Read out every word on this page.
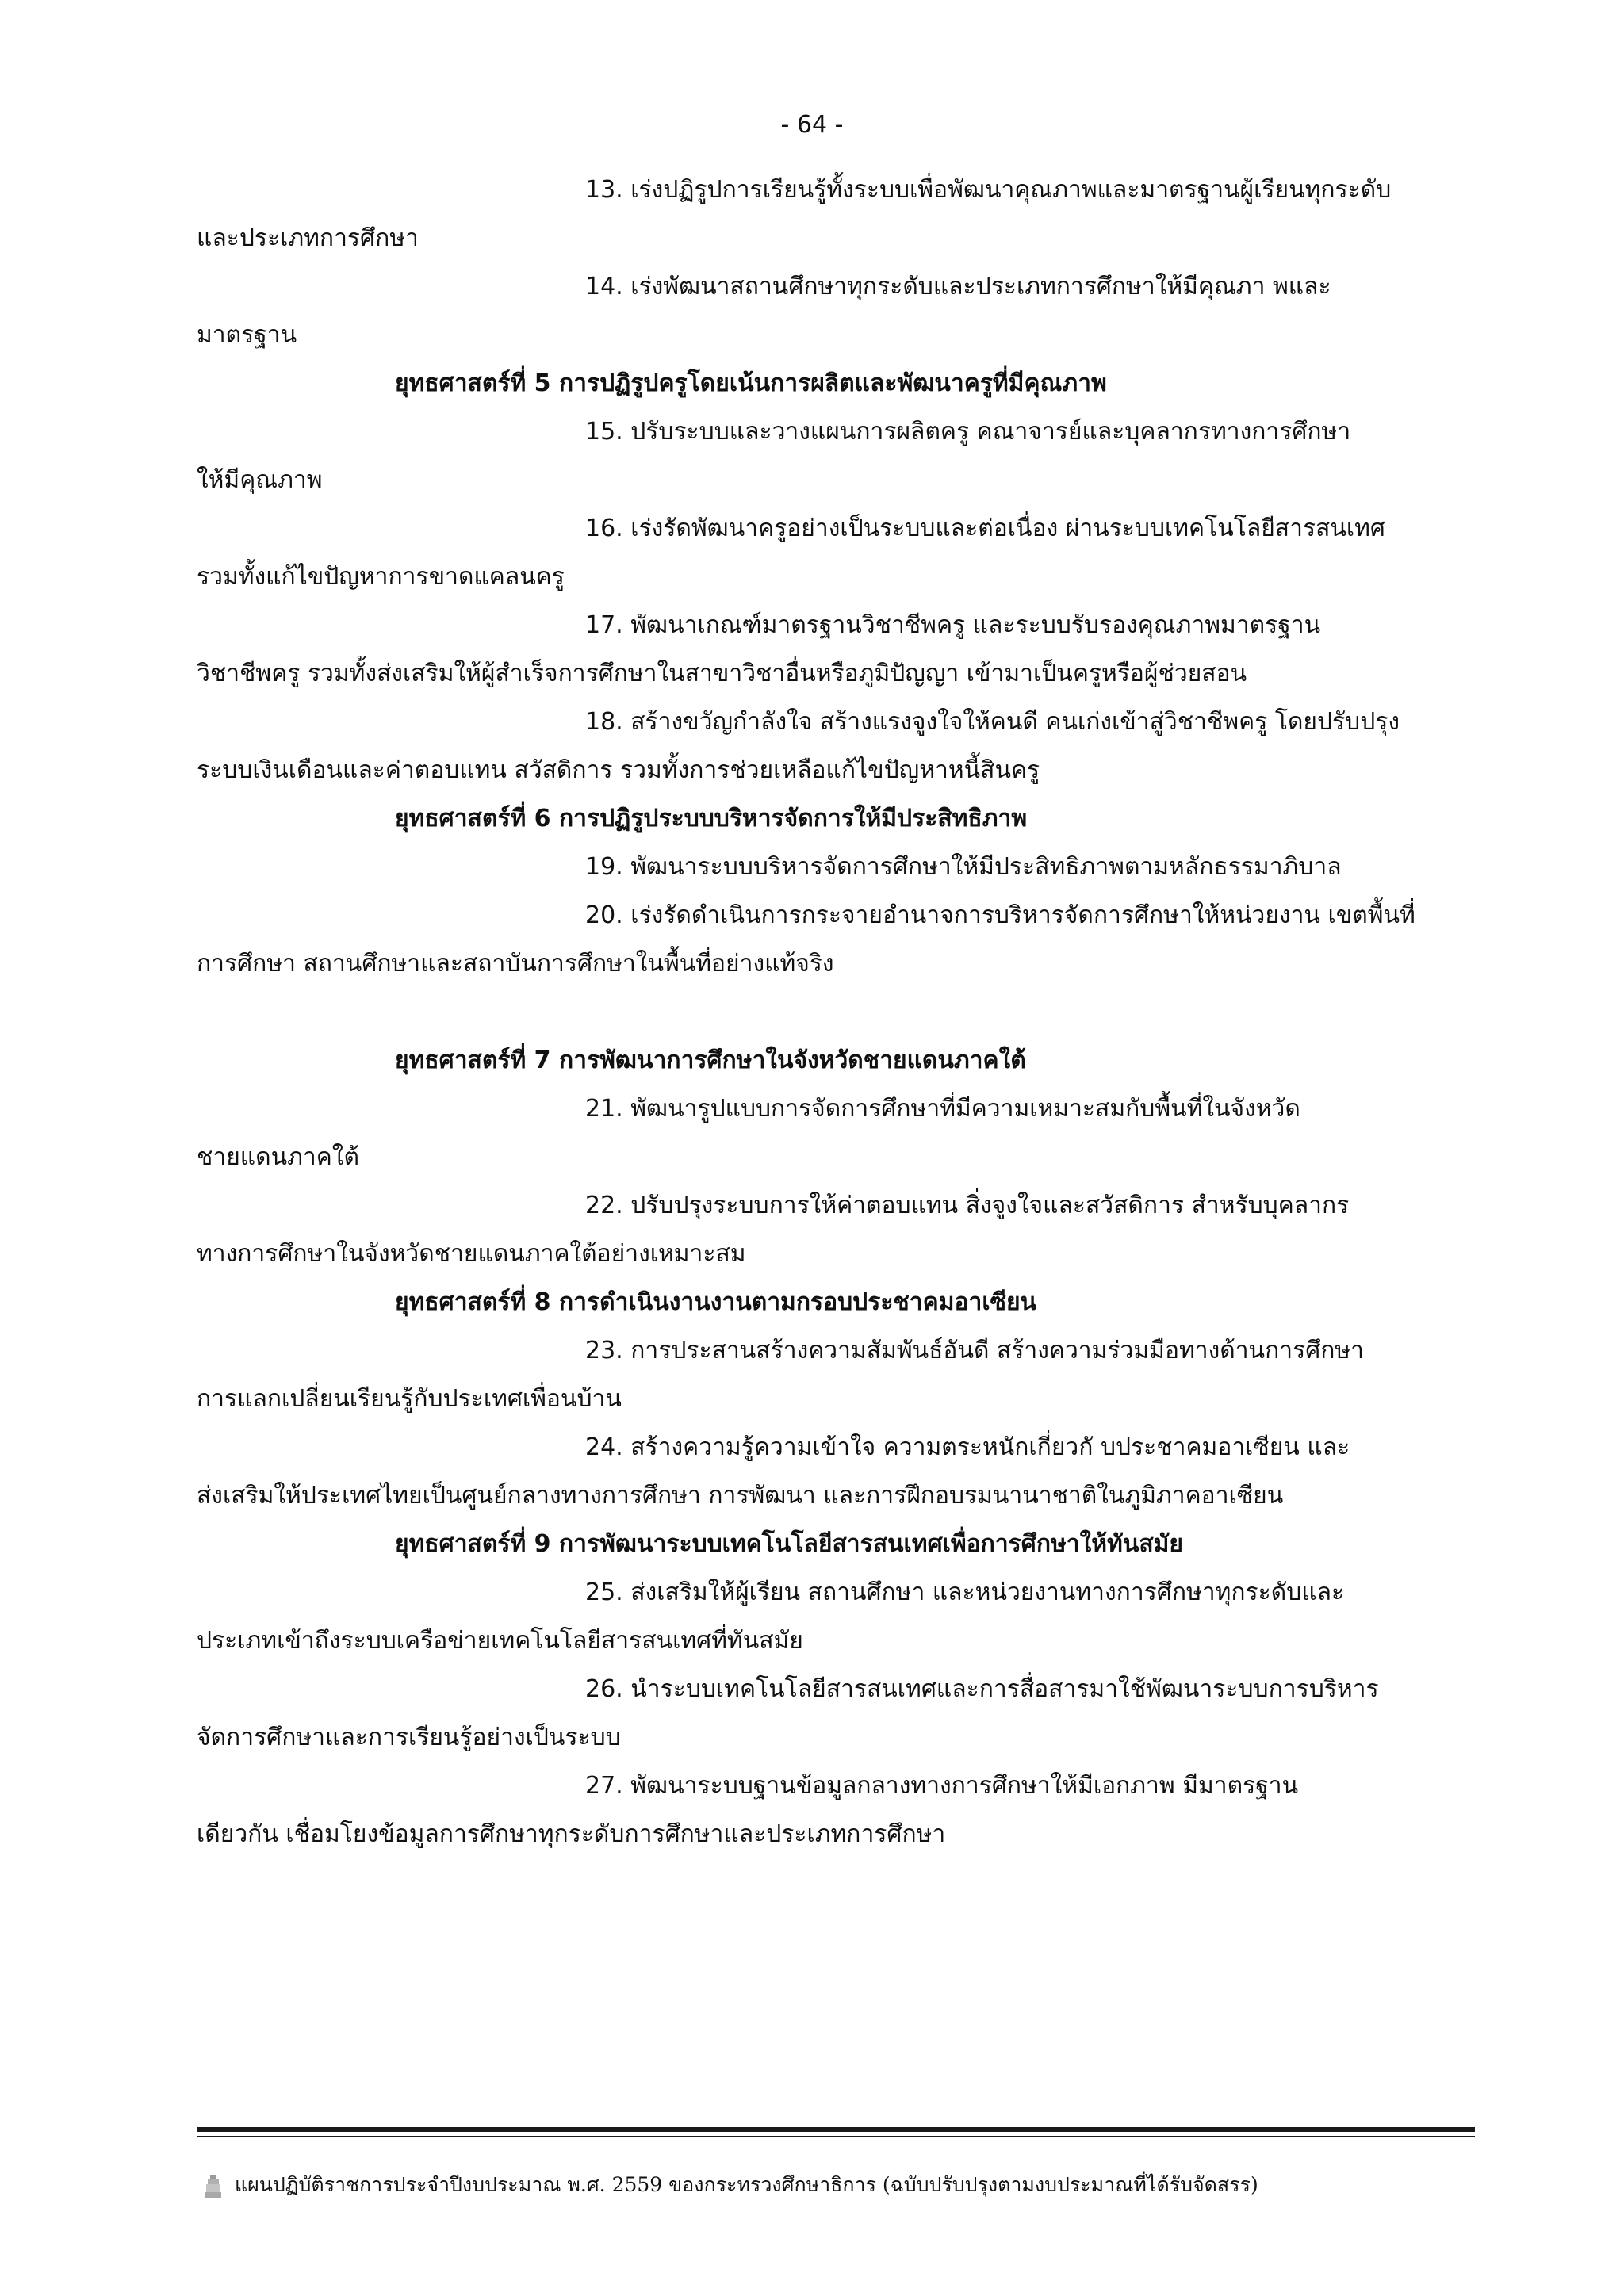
- 64 -
13. เร่งปฏิรูปการเรียนรู้ทั้งระบบเพื่อพัฒนาคุณภาพและมาตรฐานผู้เรียนทุกระดับ
และประเภทการศึกษา
14. เร่งพัฒนาสถานศึกษาทุกระดับและประเภทการศึกษาให้มีคุณภา พและ
มาตรฐาน
ยุทธศาสตร์ที่ 5 การปฏิรูปครูโดยเน้นการผลิตและพัฒนาครูที่มีคุณภาพ
15. ปรับระบบและวางแผนการผลิตครู คณาจารย์และบุคลากรทางการศึกษา
ให้มีคุณภาพ
16. เร่งรัดพัฒนาครูอย่างเป็นระบบและต่อเนื่อง ผ่านระบบเทคโนโลยีสารสนเทศ
รวมทั้งแก้ไขปัญหาการขาดแคลนครู
17. พัฒนาเกณฑ์มาตรฐานวิชาชีพครู และระบบรับรองคุณภาพมาตรฐาน
วิชาชีพครู รวมทั้งส่งเสริมให้ผู้สำเร็จการศึกษาในสาขาวิชาอื่นหรือภูมิปัญญา เข้ามาเป็นครูหรือผู้ช่วยสอน
18. สร้างขวัญกำลังใจ สร้างแรงจูงใจให้คนดี คนเก่งเข้าสู่วิชาชีพครู โดยปรับปรุง
ระบบเงินเดือนและค่าตอบแทน สวัสดิการ รวมทั้งการช่วยเหลือแก้ไขปัญหาหนี้สินครู
ยุทธศาสตร์ที่ 6 การปฏิรูประบบบริหารจัดการให้มีประสิทธิภาพ
19. พัฒนาระบบบริหารจัดการศึกษาให้มีประสิทธิภาพตามหลักธรรมาภิบาล
20. เร่งรัดดำเนินการกระจายอำนาจการบริหารจัดการศึกษาให้หน่วยงาน เขตพื้นที่
การศึกษา สถานศึกษาและสถาบันการศึกษาในพื้นที่อย่างแท้จริง
ยุทธศาสตร์ที่ 7 การพัฒนาการศึกษาในจังหวัดชายแดนภาคใต้
21. พัฒนารูปแบบการจัดการศึกษาที่มีความเหมาะสมกับพื้นที่ในจังหวัด
ชายแดนภาคใต้
22. ปรับปรุงระบบการให้ค่าตอบแทน สิ่งจูงใจและสวัสดิการ สำหรับบุคลากร
ทางการศึกษาในจังหวัดชายแดนภาคใต้อย่างเหมาะสม
ยุทธศาสตร์ที่ 8 การดำเนินงานงานตามกรอบประชาคมอาเซียน
23. การประสานสร้างความสัมพันธ์อันดี สร้างความร่วมมือทางด้านการศึกษา
การแลกเปลี่ยนเรียนรู้กับประเทศเพื่อนบ้าน
24. สร้างความรู้ความเข้าใจ ความตระหนักเกี่ยวกั บประชาคมอาเซียน และ
ส่งเสริมให้ประเทศไทยเป็นศูนย์กลางทางการศึกษา การพัฒนา และการฝึกอบรมนานาชาติในภูมิภาคอาเซียน
ยุทธศาสตร์ที่ 9 การพัฒนาระบบเทคโนโลยีสารสนเทศเพื่อการศึกษาให้ทันสมัย
25. ส่งเสริมให้ผู้เรียน สถานศึกษา และหน่วยงานทางการศึกษาทุกระดับและ
ประเภทเข้าถึงระบบเครือข่ายเทคโนโลยีสารสนเทศที่ทันสมัย
26. นำระบบเทคโนโลยีสารสนเทศและการสื่อสารมาใช้พัฒนาระบบการบริหาร
จัดการศึกษาและการเรียนรู้อย่างเป็นระบบ
27. พัฒนาระบบฐานข้อมูลกลางทางการศึกษาให้มีเอกภาพ มีมาตรฐาน
เดียวกัน เชื่อมโยงข้อมูลการศึกษาทุกระดับการศึกษาและประเภทการศึกษา
แผนปฏิบัติราชการประจำปีงบประมาณ พ.ศ. 2559 ของกระทรวงศึกษาธิการ (ฉบับปรับปรุงตามงบประมาณที่ได้รับจัดสรร)
